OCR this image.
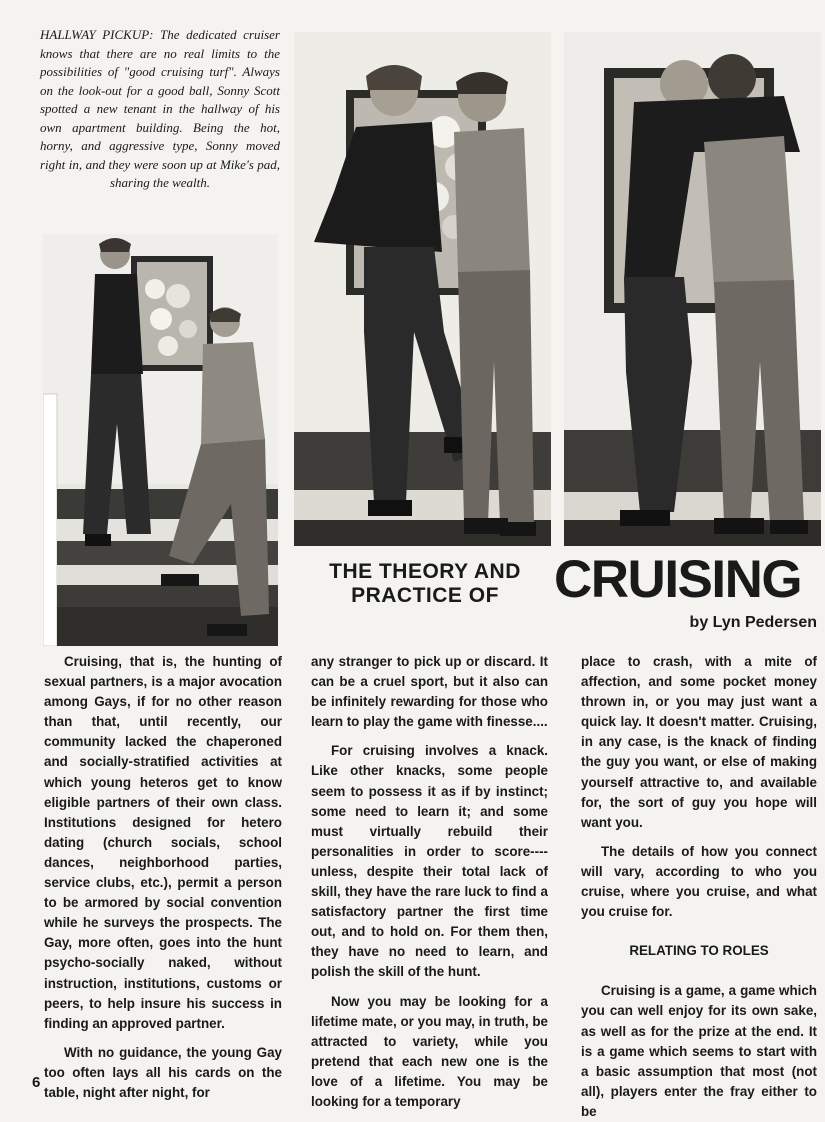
HALLWAY PICKUP: The dedicated cruiser knows that there are no real limits to the possibilities of "good cruising turf". Always on the look-out for a good ball, Sonny Scott spotted a new tenant in the hallway of his own apartment building. Being the hot, horny, and aggressive type, Sonny moved right in, and they were soon up at Mike's pad, sharing the wealth.
THE THEORY AND PRACTICE OF	CRUISING
by Lyn Pedersen

Cruising, that is, the hunting of sexual partners, is a major avocation among Gays, if for no other reason than that, until recently, our community lacked the chaperoned and socially-stratified activities at which young heteros get to know eligible partners of their own class. Institutions designed for hetero dating (church socials, school dances, neighborhood parties, service clubs, etc.), permit a person to be armored by social convention while he surveys the prospects. The Gay, more often, goes into the hunt psycho-socially naked, without instruction, institutions, customs or peers, to help insure his success in finding an approved partner.

With no guidance, the young Gay too often lays all his cards on the table, night after night, for

any stranger to pick up or discard. It can be a cruel sport, but it also can be infinitely rewarding for those who learn to play the game with finesse....

For cruising involves a knack. Like other knacks, some people seem to possess it as if by instinct; some need to learn it; and some must virtually rebuild their personalities in order to score----unless, despite their total lack of skill, they have the rare luck to find a satisfactory partner the first time out, and to hold on. For them then, they have no need to learn, and polish the skill of the hunt.

Now you may be looking for a lifetime mate, or you may, in truth, be attracted to variety, while you pretend that each new one is the love of a lifetime. You may be looking for a temporary

place to crash, with a mite of affection, and some pocket money thrown in, or you may just want a quick lay. It doesn't matter. Cruising, in any case, is the knack of finding the guy you want, or else of making yourself attractive to, and available for, the sort of guy you hope will want you.

The details of how you connect will vary, according to who you cruise, where you cruise, and what you cruise for.

RELATING TO ROLES

Cruising is a game, a game which you can well enjoy for its own sake, as well as for the prize at the end. It is a game which seems to start with a basic assumption that most (not all), players enter the fray either to be

6
